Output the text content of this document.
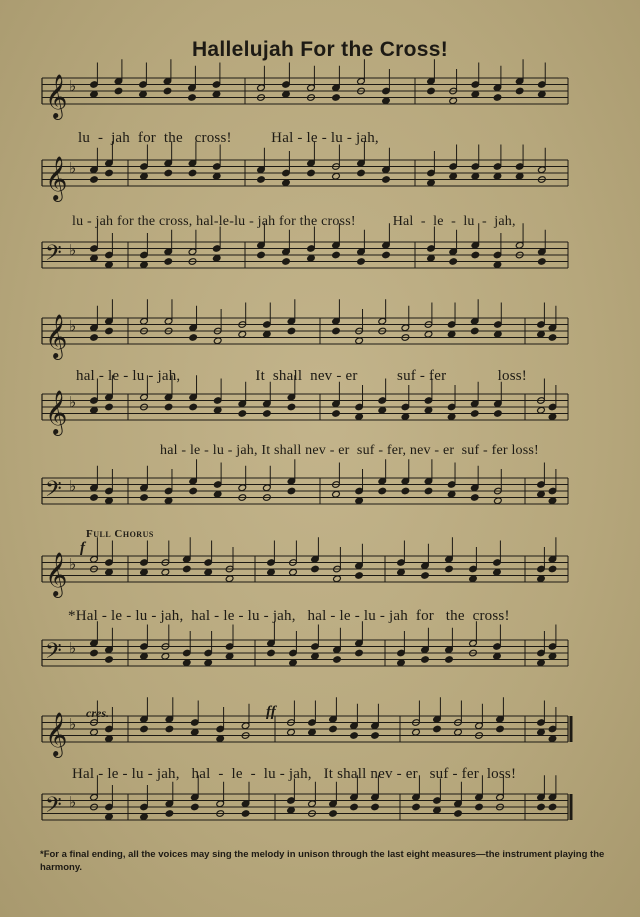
Hallelujah For the Cross!
𝄞 ♭
𝄞 ♭
𝄢 ♭
𝄞 ♭
𝄞 ♭
𝄢 ♭
𝄞 ♭
𝄢 ♭
𝄞 ♭
𝄢 ♭
lu  -  jah  for  the   cross!          Hal - le - lu - jah,
lu - jah for the cross, hal-le-lu - jah for the cross!          Hal  -  le  -  lu  -  jah,
hal - le - lu - jah,                   It  shall  nev - er          suf - fer             loss!
hal - le - lu - jah, It shall nev - er  suf - fer, nev - er  suf - fer loss!
Full Chorus
f
*Hal - le - lu - jah,  hal - le - lu - jah,   hal - le - lu - jah  for   the  cross!
cres.	ff
Hal - le - lu - jah,   hal  -  le  -  lu - jah,   It shall nev - er   suf - fer  loss!
*For a final ending, all the voices may sing the melody in unison through the last eight measures—the instrument playing the harmony.
